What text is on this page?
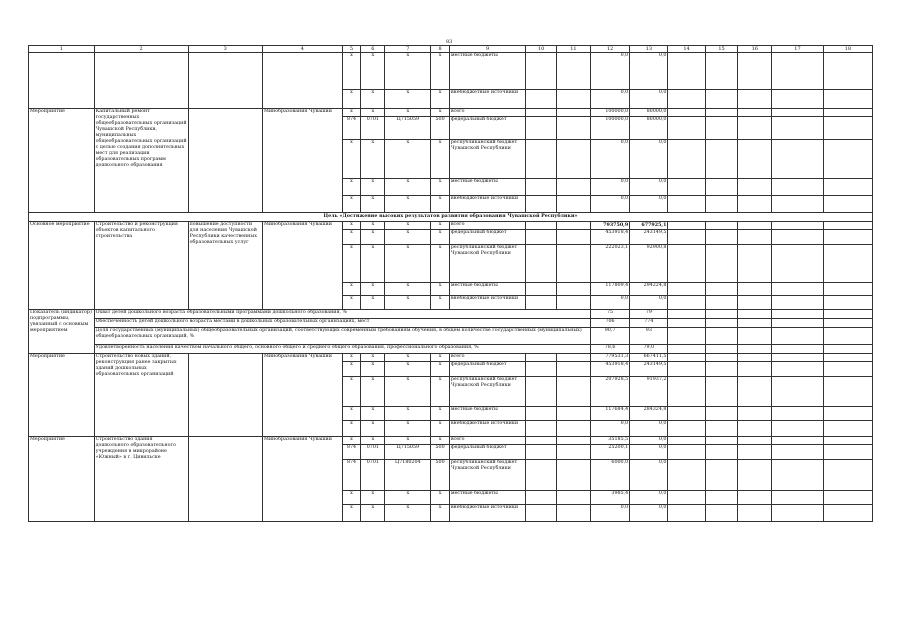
83
1	2	3	4	5	6	7	8	9	10	11	12	13	14	15	16	17	18
				x	x	x	x	местные бюджеты			0,0	0,0					
				x	x	x	x	внебюджетные источники			0,0	0,0					
Мероприятие	Капитальный ремонт государственных общеобразовательных организаций Чувашской Республики, муниципальных общеобразовательных организаций с целью создания дополнительных мест для реализации образовательных программ дошкольного образования		Минобразования Чувашии	x	x	x	x	всего			100000,0	80000,0					
				874	0701	Ц715059	500	федеральный бюджет			100000,0	80000,0					
				x	x	x	x	республиканский бюджет Чувашской Республики			0,0	0,0					
				x	x	x	x	местные бюджеты			0,0	0,0					
				x	x	x	x	внебюджетные источники			0,0	0,0					
Цель «Достижение высоких результатов развития образования Чувашской Республики»																	
Основное мероприятие	Строительство и реконструкция объектов капитального строительства	повышение доступности для населения Чувашской Республики качественных образовательных услуг	Минобразования Чувашии	x	x	x	x	всего			793750,9	677925,1					
				x	x	x	x	федеральный бюджет			453918,4	243149,5					
				x	x	x	x	республиканский бюджет Чувашской Республики			222023,1	92900,8					
				x	x	x	x	местные бюджеты			117809,4	294224,8					
				x	x	x	x	внебюджетные источники			0,0	0,0					
Показатель (индикатор) подпрограммы, увязанный с основным мероприятием	Охват детей дошкольного возраста образовательными программами дошкольного образования, %										75	79					
	Обеспеченность детей дошкольного возраста местами в дошкольных образовательных организациях, мест										706	774					
	Доля государственных (муниципальных) общеобразовательных организаций, соответствующих современным требованиям обучения, в общем количестве государственных (муниципальных) общеобразовательных организаций, %										90,7	93					
	Удовлетворенность населения качеством начального общего, основного общего и среднего общего образования, профессионального образования, %										78,6	79,0					
Мероприятие	Строительство новых зданий, реконструкция ранее закрытых зданий дошкольных образовательных организаций		Минобразования Чувашии	x	x	x	x	всего			779531,3	667411,5					
				x	x	x	x	федеральный бюджет			453918,4	243149,5					
				x	x	x	x	республиканский бюджет Чувашской Республики			207928,5	91937,2					
				x	x	x	x	местные бюджеты			117684,4	284324,8					
				x	x	x	x	внебюджетные источники			0,0	0,0					
Мероприятие	Строительство здания дошкольного образовательного учреждения в микрорайоне «Южный» в г. Цивильске		Минобразования Чувашии	x	x	x	x	всего			35185,5	0,0					
				874	0701	Ц715059	500	федеральный бюджет			25200,1	0,0					
				874	0701	Ц7180204	500	республиканский бюджет Чувашской Республики			6000,0	0,0					
				x	x	x	x	местные бюджеты			3985,4	0,0					
				x	x	x	x	внебюджетные источники			0,0	0,0					
